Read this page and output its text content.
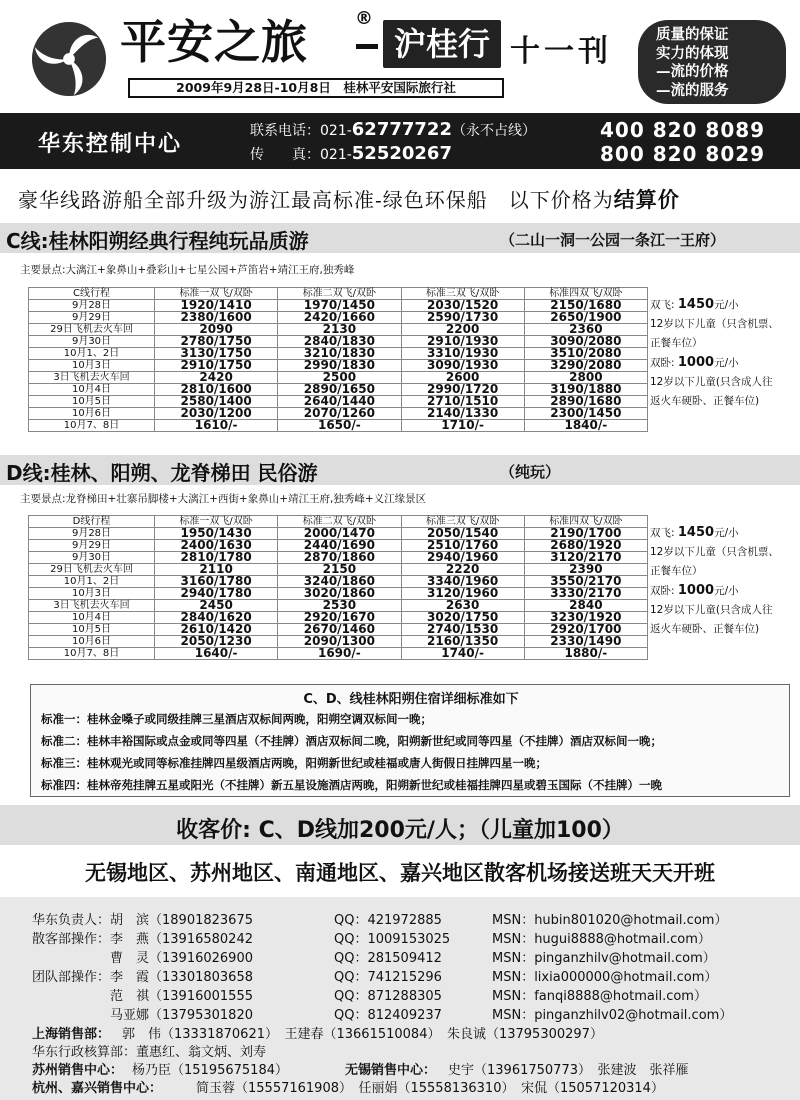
平安之旅	®
沪桂行 十一刊
2009年9月28日-10月8日　桂林平安国际旅行社
质量的保证
实力的体现
—流的价格
—流的服务
华东控制中心
联系电话：021-62777722（永不占线）
传　　真：021-52520267
400 820 8089
800 820 8029
豪华线路游船全部升级为游江最高标准-绿色环保船　以下价格为结算价
C线:桂林阳朔经典行程纯玩品质游	（二山一洞一公园一条江一王府）
主要景点:大漓江+象鼻山+叠彩山+七星公园+芦笛岩+靖江王府,独秀峰
C线行程	标准一双飞/双卧	标准二双飞/双卧	标准三双飞/双卧	标准四双飞/双卧
9月28日	1920/1410	1970/1450	2030/1520	2150/1680
9月29日	2380/1600	2420/1660	2590/1730	2650/1900
29日飞机去火车回	2090	2130	2200	2360
9月30日	2780/1750	2840/1830	2910/1930	3090/2080
10月1、2日	3130/1750	3210/1830	3310/1930	3510/2080
10月3日	2910/1750	2990/1830	3090/1930	3290/2080
3日飞机去火车回	2420	2500	2600	2800
10月4日	2810/1600	2890/1650	2990/1720	3190/1880
10月5日	2580/1400	2640/1440	2710/1510	2890/1680
10月6日	2030/1200	2070/1260	2140/1330	2300/1450
10月7、8日	1610/-	1650/-	1710/-	1840/-
双飞: 1450元/小
12岁以下儿童（只含机票、正餐车位）
双卧: 1000元/小
12岁以下儿童(只含成人往返火车硬卧、正餐车位)
D线:桂林、阳朔、龙脊梯田 民俗游	（纯玩）
主要景点:龙脊梯田+壮寨吊脚楼+大漓江+西街+象鼻山+靖江王府,独秀峰+义江缘景区
D线行程	标准一双飞/双卧	标准二双飞/双卧	标准三双飞/双卧	标准四双飞/双卧
9月28日	1950/1430	2000/1470	2050/1540	2190/1700
9月29日	2400/1630	2440/1690	2510/1760	2680/1920
9月30日	2810/1780	2870/1860	2940/1960	3120/2170
29日飞机去火车回	2110	2150	2220	2390
10月1、2日	3160/1780	3240/1860	3340/1960	3550/2170
10月3日	2940/1780	3020/1860	3120/1960	3330/2170
3日飞机去火车回	2450	2530	2630	2840
10月4日	2840/1620	2920/1670	3020/1750	3230/1920
10月5日	2610/1420	2670/1460	2740/1530	2920/1700
10月6日	2050/1230	2090/1300	2160/1350	2330/1490
10月7、8日	1640/-	1690/-	1740/-	1880/-
双飞: 1450元/小
12岁以下儿童（只含机票、正餐车位）
双卧: 1000元/小
12岁以下儿童(只含成人往返火车硬卧、正餐车位)
C、D、线桂林阳朔住宿详细标准如下
标准一：桂林金嗓子或同级挂牌三星酒店双标间两晚，阳朔空调双标间一晚；
标准二：桂林丰裕国际或点金或同等四星（不挂牌）酒店双标间二晚，阳朔新世纪或同等四星（不挂牌）酒店双标间一晚；
标准三：桂林观光或同等标准挂牌四星级酒店两晚，阳朔新世纪或桂福或唐人街假日挂牌四星一晚；
标准四：桂林帝苑挂牌五星或阳光（不挂牌）新五星设施酒店两晚，阳朔新世纪或桂福挂牌四星或碧玉国际（不挂牌）一晚
收客价: C、D线加200元/人；（儿童加100）
无锡地区、苏州地区、南通地区、嘉兴地区散客机场接送班天天开班
华东负责人：胡　滨（18901823675	QQ：421972885	MSN：hubin801020@hotmail.com）
散客部操作：李　燕（13916580242	QQ：1009153025	MSN：hugui8888@hotmail.com）
　　　　　　曹　灵（13916026900	QQ：281509412	MSN：pinganzhilv@hotmail.com）
团队部操作：李　霞（13301803658	QQ：741215296	MSN：lixia000000@hotmail.com）
　　　　　　范　祺（13916001555	QQ：871288305	MSN：fanqi8888@hotmail.com）
　　　　　　马亚娜（13795301820	QQ：812409237	MSN：pinganzhilv02@hotmail.com）
上海销售部： 郭　伟（13331870621）　王建春（13661510084）　朱良诚（13795300297）
华东行政核算部：董惠红、翁文炳、刘寿
苏州销售中心： 杨乃臣（15195675184）	无锡销售中心： 史宇（13961750773）　张建波　张祥雁
杭州、嘉兴销售中心：	简玉蓉（15557161908）　任丽娟（15558136310）　宋侃（15057120314）
